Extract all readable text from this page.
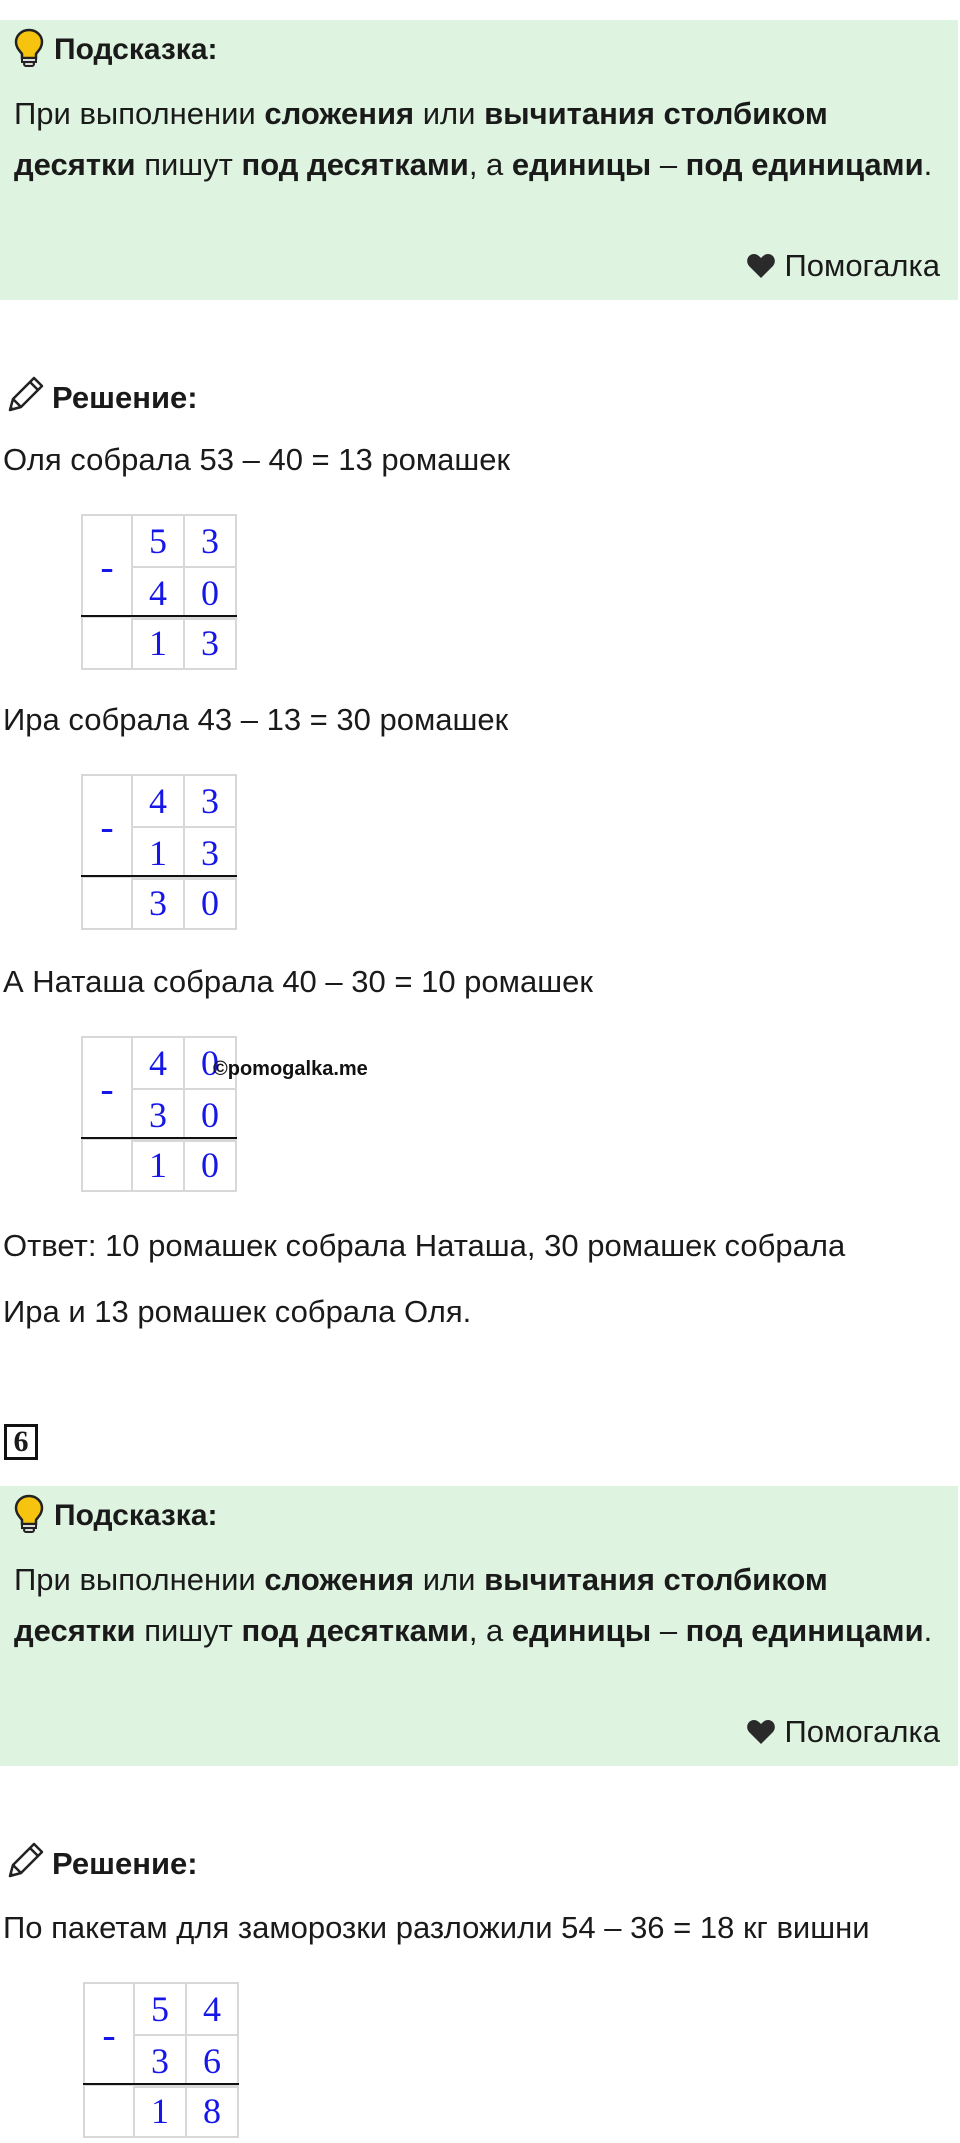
Подсказка:
При выполнении сложения или вычитания столбиком десятки пишут под десятками, а единицы – под единицами.
Помогалка
Решение:
Оля собрала 53 – 40 = 13 ромашек
-
5 3
4 0
1 3
Ира собрала 43 – 13 = 30 ромашек
-
4 3
1 3
3 0
А Наташа собрала 40 – 30 = 10 ромашек
-
4 0
3 0
1 0
©pomogalka.me
Ответ: 10 ромашек собрала Наташа, 30 ромашек собрала
Ира и 13 ромашек собрала Оля.
6
Подсказка:
При выполнении сложения или вычитания столбиком десятки пишут под десятками, а единицы – под единицами.
Помогалка
Решение:
По пакетам для заморозки разложили 54 – 36 = 18 кг вишни
-
5 4
3 6
1 8
